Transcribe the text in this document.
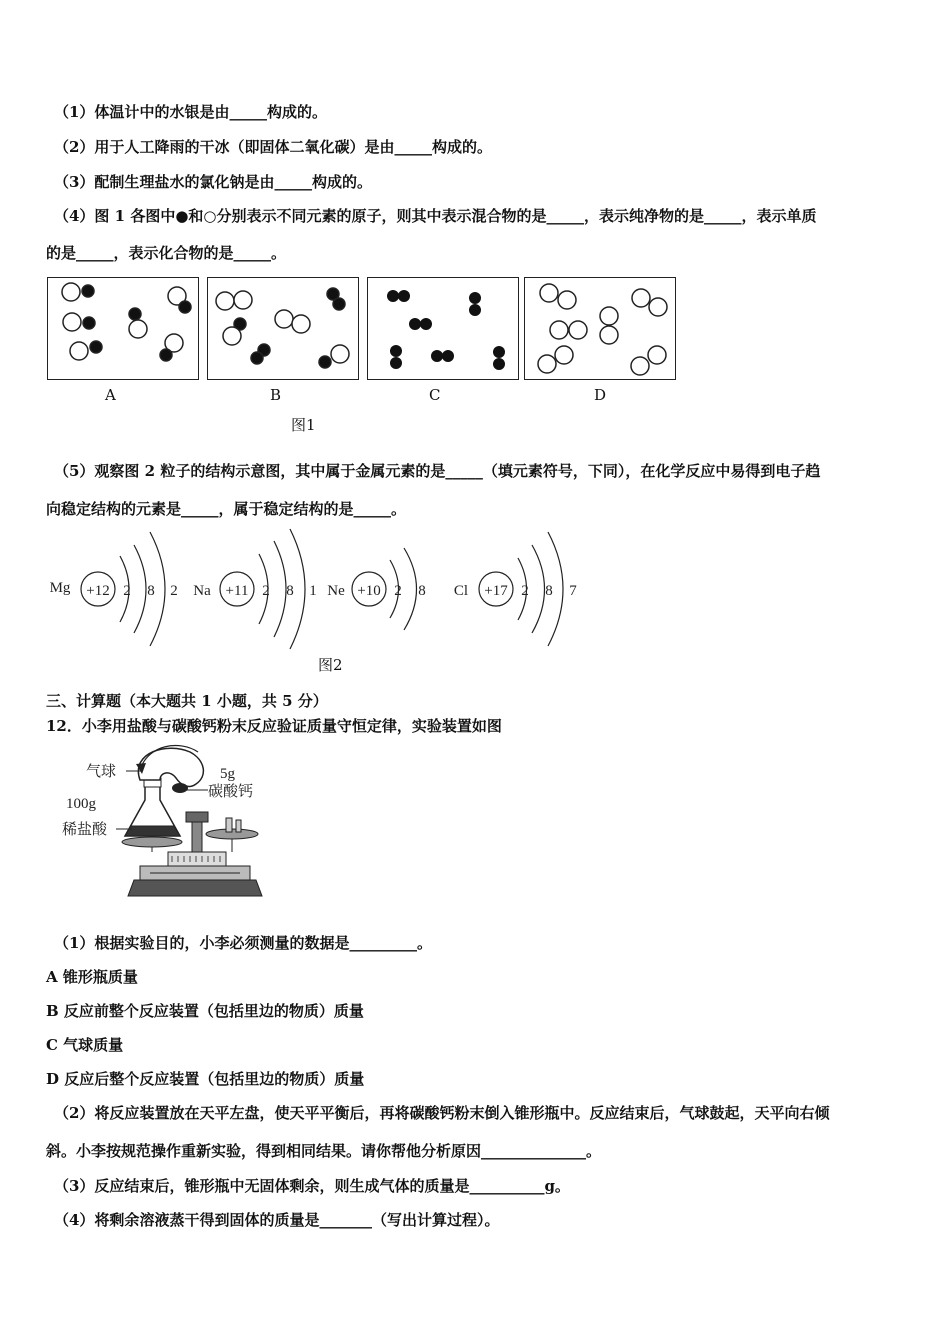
（1）体温计中的水银是由_____构成的。
（2）用于人工降雨的干冰（即固体二氧化碳）是由_____构成的。
（3）配制生理盐水的氯化钠是由_____构成的。
（4）图 1 各图中●和○分别表示不同元素的原子，则其中表示混合物的是_____，表示纯净物的是_____，表示单质
的是_____，表示化合物的是_____。
A	B	C	D
图1
（5）观察图 2 粒子的结构示意图，其中属于金属元素的是_____（填元素符号，下同），在化学反应中易得到电子趋
向稳定结构的元素是_____，属于稳定结构的是_____。
Mg +12 2 8 2 Na +11 2 8 1 Ne +10 2 8 Cl +17 2 8 7
图2
三、计算题（本大题共 1 小题，共 5 分）
12．小李用盐酸与碳酸钙粉末反应验证质量守恒定律，实验装置如图
气球	5g
碳酸钙
100g
稀盐酸
（1）根据实验目的，小李必须测量的数据是_________。
A 锥形瓶质量
B 反应前整个反应装置（包括里边的物质）质量
C 气球质量
D 反应后整个反应装置（包括里边的物质）质量
（2）将反应装置放在天平左盘，使天平平衡后，再将碳酸钙粉末倒入锥形瓶中。反应结束后，气球鼓起，天平向右倾
斜。小李按规范操作重新实验，得到相同结果。请你帮他分析原因______________。
（3）反应结束后，锥形瓶中无固体剩余，则生成气体的质量是__________g。
（4）将剩余溶液蒸干得到固体的质量是_______（写出计算过程）。
